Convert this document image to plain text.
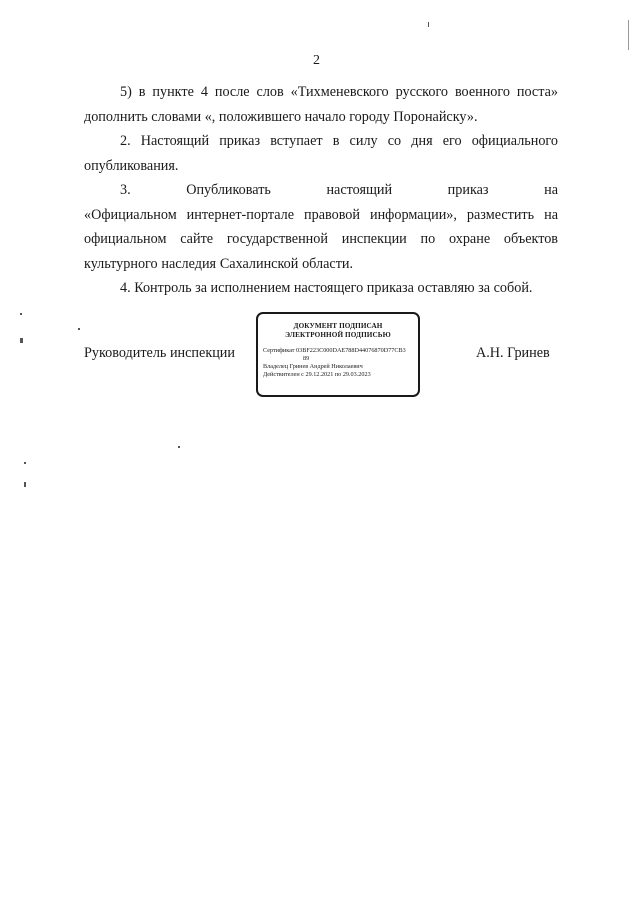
2

5) в пункте 4 после слов «Тихменевского русского военного поста» дополнить словами «, положившего начало городу Поронайску».

2. Настоящий приказ вступает в силу со дня его официального опубликования.

3. Опубликовать настоящий приказ на «Официальном интернет-портале правовой информации», разместить на официальном сайте государственной инспекции по охране объектов культурного наследия Сахалинской области.

4. Контроль за исполнением настоящего приказа оставляю за собой.

Руководитель инспекции
ДОКУМЕНТ ПОДПИСАН
ЭЛЕКТРОННОЙ ПОДПИСЬЮ
Сертификат 03BF223C000DAE788D44076870D77CB3
89
Владелец Гринев Андрей Николаевич
Действителен с 29.12.2021 по 29.03.2023
А.Н. Гринев
